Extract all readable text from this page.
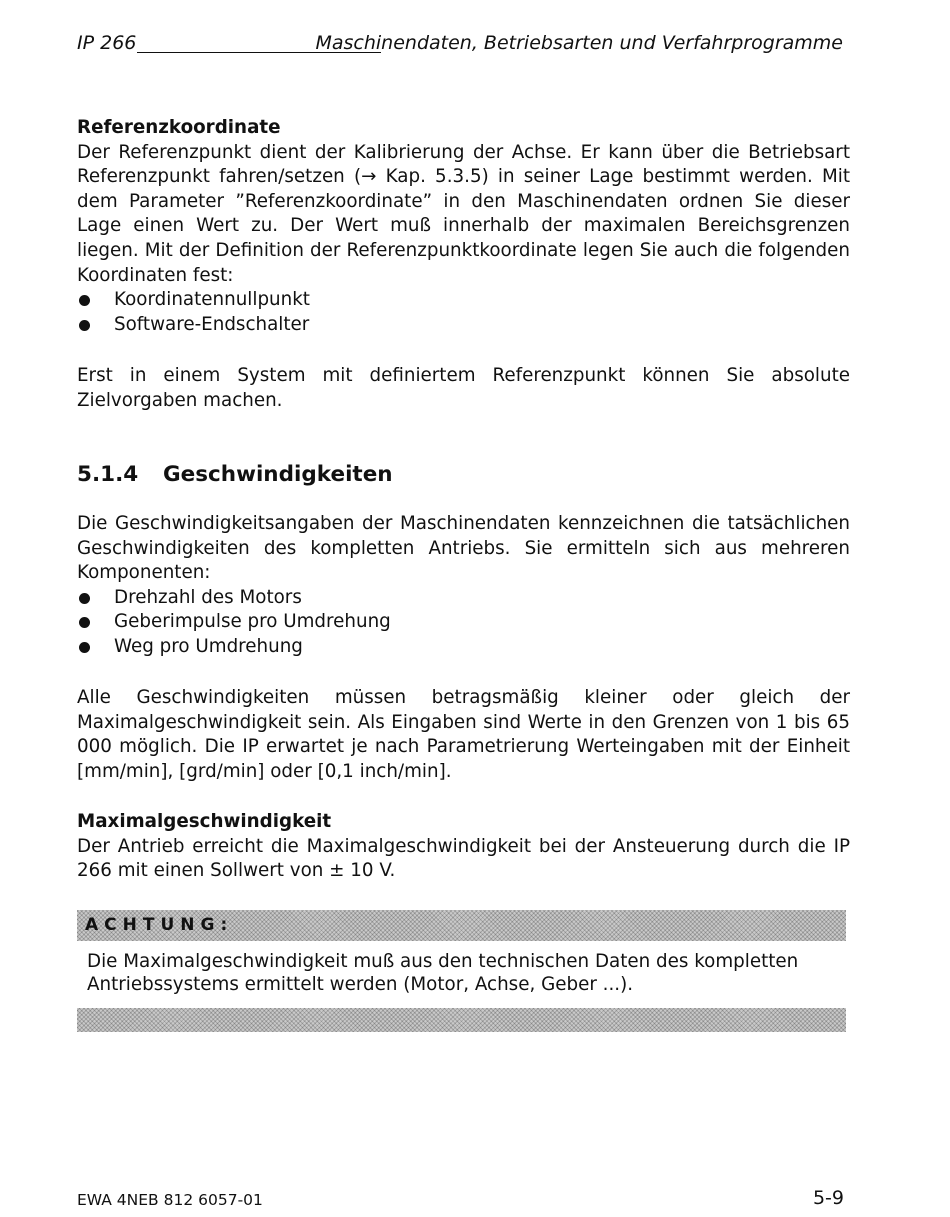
IP 266	Maschinendaten, Betriebsarten und Verfahrprogramme
Referenzkoordinate

Der Referenzpunkt dient der Kalibrierung der Achse. Er kann über die Betriebsart Referenzpunkt fahren/setzen (→ Kap. 5.3.5) in seiner Lage bestimmt werden. Mit dem Parameter ”Referenzkoordinate” in den Maschinendaten ordnen Sie dieser Lage einen Wert zu. Der Wert muß innerhalb der maximalen Bereichsgrenzen liegen. Mit der Definition der Referenzpunktkoordinate legen Sie auch die folgenden Koordinaten fest:

Koordinatennullpunkt
Software-Endschalter

Erst in einem System mit definiertem Referenzpunkt können Sie absolute Zielvorgaben machen.

5.1.4 Geschwindigkeiten

Die Geschwindigkeitsangaben der Maschinendaten kennzeichnen die tatsächlichen Geschwindigkeiten des kompletten Antriebs. Sie ermitteln sich aus mehreren Komponenten:

Drehzahl des Motors
Geberimpulse pro Umdrehung
Weg pro Umdrehung

Alle Geschwindigkeiten müssen betragsmäßig kleiner oder gleich der Maximalgeschwindigkeit sein. Als Eingaben sind Werte in den Grenzen von 1 bis 65 000 möglich. Die IP erwartet je nach Parametrierung Werteingaben mit der Einheit [mm/min], [grd/min] oder [0,1 inch/min].

Maximalgeschwindigkeit

Der Antrieb erreicht die Maximalgeschwindigkeit bei der Ansteuerung durch die IP 266 mit einen Sollwert von ± 10 V.

ACHTUNG:
Die Maximalgeschwindigkeit muß aus den technischen Daten des kompletten Antriebssystems ermittelt werden (Motor, Achse, Geber ...).
EWA 4NEB 812 6057-01	5-9
